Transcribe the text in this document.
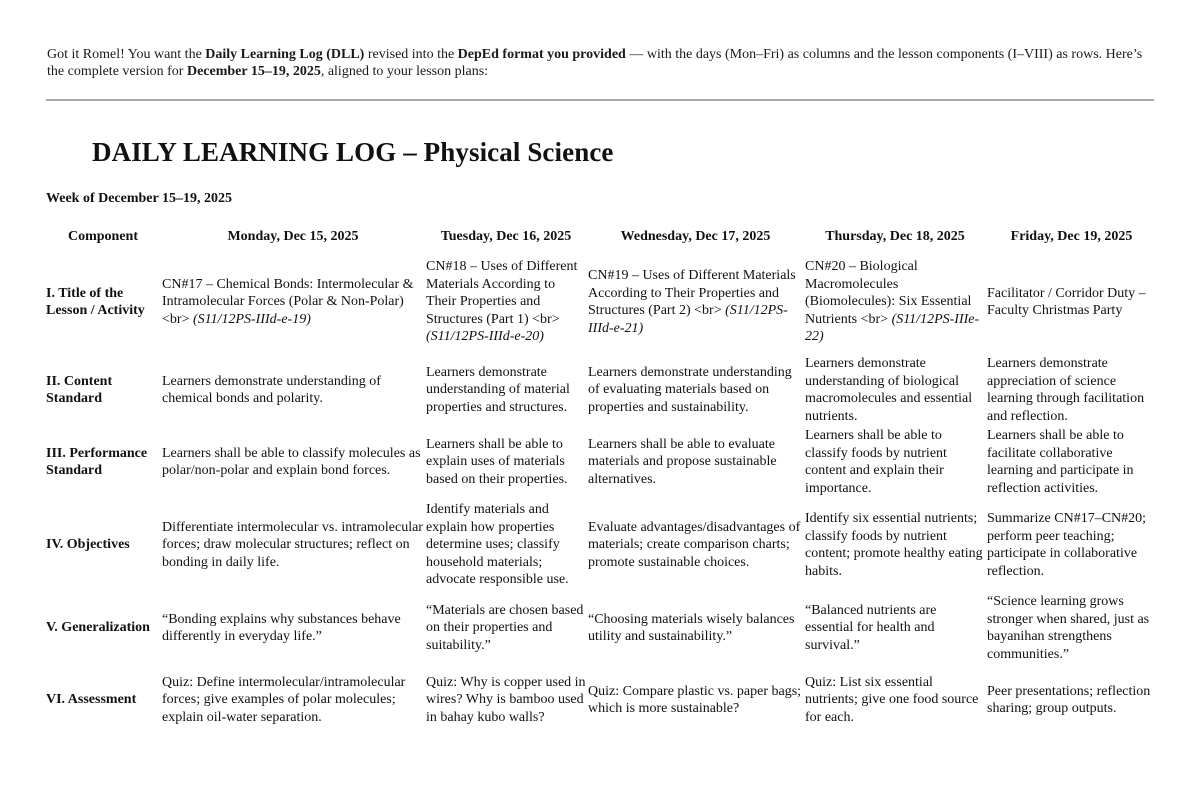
Got it Romel! You want the Daily Learning Log (DLL) revised into the DepEd format you provided — with the days (Mon–Fri) as columns and the lesson components (I–VIII) as rows. Here’s the complete version for December 15–19, 2025, aligned to your lesson plans:

DAILY LEARNING LOG – Physical Science
Week of December 15–19, 2025
Component	Monday, Dec 15, 2025	Tuesday, Dec 16, 2025	Wednesday, Dec 17, 2025	Thursday, Dec 18, 2025	Friday, Dec 19, 2025
I. Title of the Lesson / Activity	CN#17 – Chemical Bonds: Intermolecular & Intramolecular Forces (Polar & Non-Polar) <br> (S11/12PS-IIId-e-19)	CN#18 – Uses of Different Materials According to Their Properties and Structures (Part 1) <br> (S11/12PS-IIId-e-20)	CN#19 – Uses of Different Materials According to Their Properties and Structures (Part 2) <br> (S11/12PS-IIId-e-21)	CN#20 – Biological Macromolecules (Biomolecules): Six Essential Nutrients <br> (S11/12PS-IIIe-22)	Facilitator / Corridor Duty – Faculty Christmas Party
II. Content Standard	Learners demonstrate understanding of chemical bonds and polarity.	Learners demonstrate understanding of material properties and structures.	Learners demonstrate understanding of evaluating materials based on properties and sustainability.	Learners demonstrate understanding of biological macromolecules and essential nutrients.	Learners demonstrate appreciation of science learning through facilitation and reflection.
III. Performance Standard	Learners shall be able to classify molecules as polar/non-polar and explain bond forces.	Learners shall be able to explain uses of materials based on their properties.	Learners shall be able to evaluate materials and propose sustainable alternatives.	Learners shall be able to classify foods by nutrient content and explain their importance.	Learners shall be able to facilitate collaborative learning and participate in reflection activities.
IV. Objectives	Differentiate intermolecular vs. intramolecular forces; draw molecular structures; reflect on bonding in daily life.	Identify materials and explain how properties determine uses; classify household materials; advocate responsible use.	Evaluate advantages/disadvantages of materials; create comparison charts; promote sustainable choices.	Identify six essential nutrients; classify foods by nutrient content; promote healthy eating habits.	Summarize CN#17–CN#20; perform peer teaching; participate in collaborative reflection.
V. Generalization	“Bonding explains why substances behave differently in everyday life.”	“Materials are chosen based on their properties and suitability.”	“Choosing materials wisely balances utility and sustainability.”	“Balanced nutrients are essential for health and survival.”	“Science learning grows stronger when shared, just as bayanihan strengthens communities.”
VI. Assessment	Quiz: Define intermolecular/intramolecular forces; give examples of polar molecules; explain oil-water separation.	Quiz: Why is copper used in wires? Why is bamboo used in bahay kubo walls?	Quiz: Compare plastic vs. paper bags; which is more sustainable?	Quiz: List six essential nutrients; give one food source for each.	Peer presentations; reflection sharing; group outputs.
